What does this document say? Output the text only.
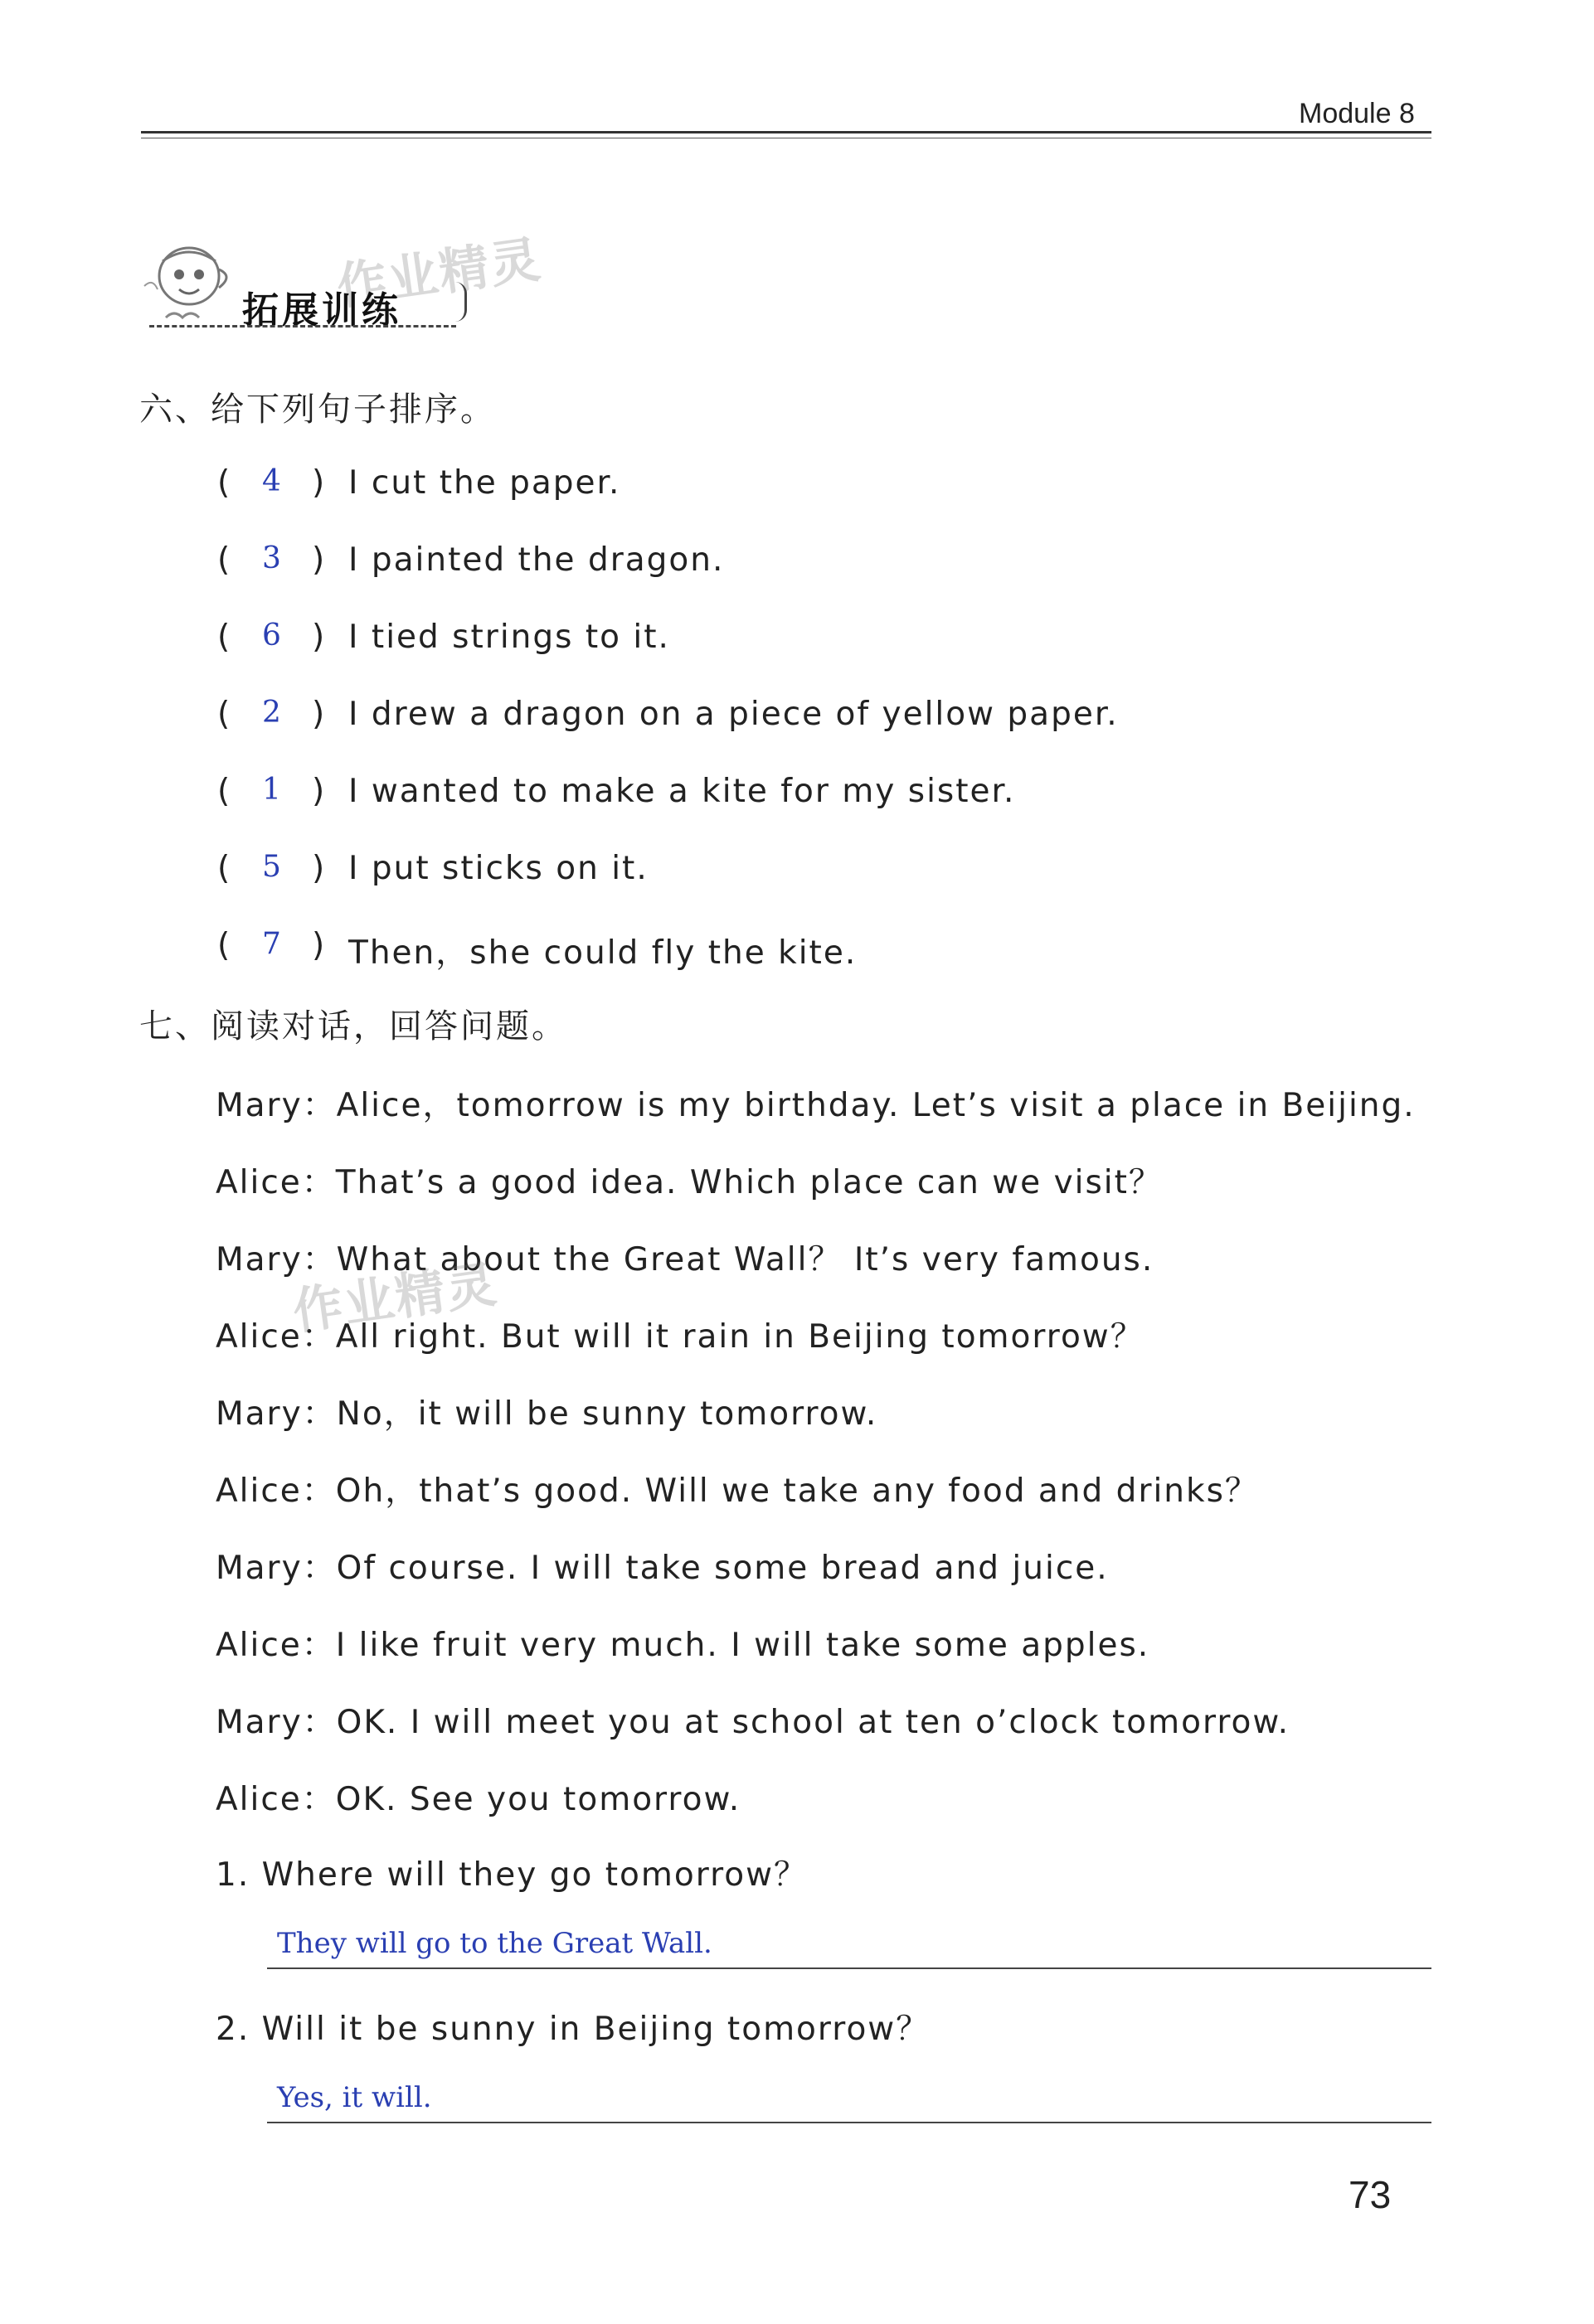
Module 8
作业精灵
拓展训练
六、给下列句子排序。
( 4 ) I cut the paper.
( 3 ) I painted the dragon.
( 6 ) I tied strings to it.
( 2 ) I drew a dragon on a piece of yellow paper.
( 1 ) I wanted to make a kite for my sister.
( 5 ) I put sticks on it.
( 7 ) Then，she could fly the kite.
七、阅读对话，回答问题。
Mary：Alice，tomorrow is my birthday. Let’s visit a place in Beijing.
Alice：That’s a good idea. Which place can we visit？
Mary：What about the Great Wall？ It’s very famous.
Alice：All right. But will it rain in Beijing tomorrow？
Mary：No，it will be sunny tomorrow.
Alice：Oh，that’s good. Will we take any food and drinks？
Mary：Of course. I will take some bread and juice.
Alice：I like fruit very much. I will take some apples.
Mary：OK. I will meet you at school at ten o’clock tomorrow.
Alice：OK. See you tomorrow.
作业精灵
1. Where will they go tomorrow？
They will go to the Great Wall.
2. Will it be sunny in Beijing tomorrow？
Yes, it will.
73
